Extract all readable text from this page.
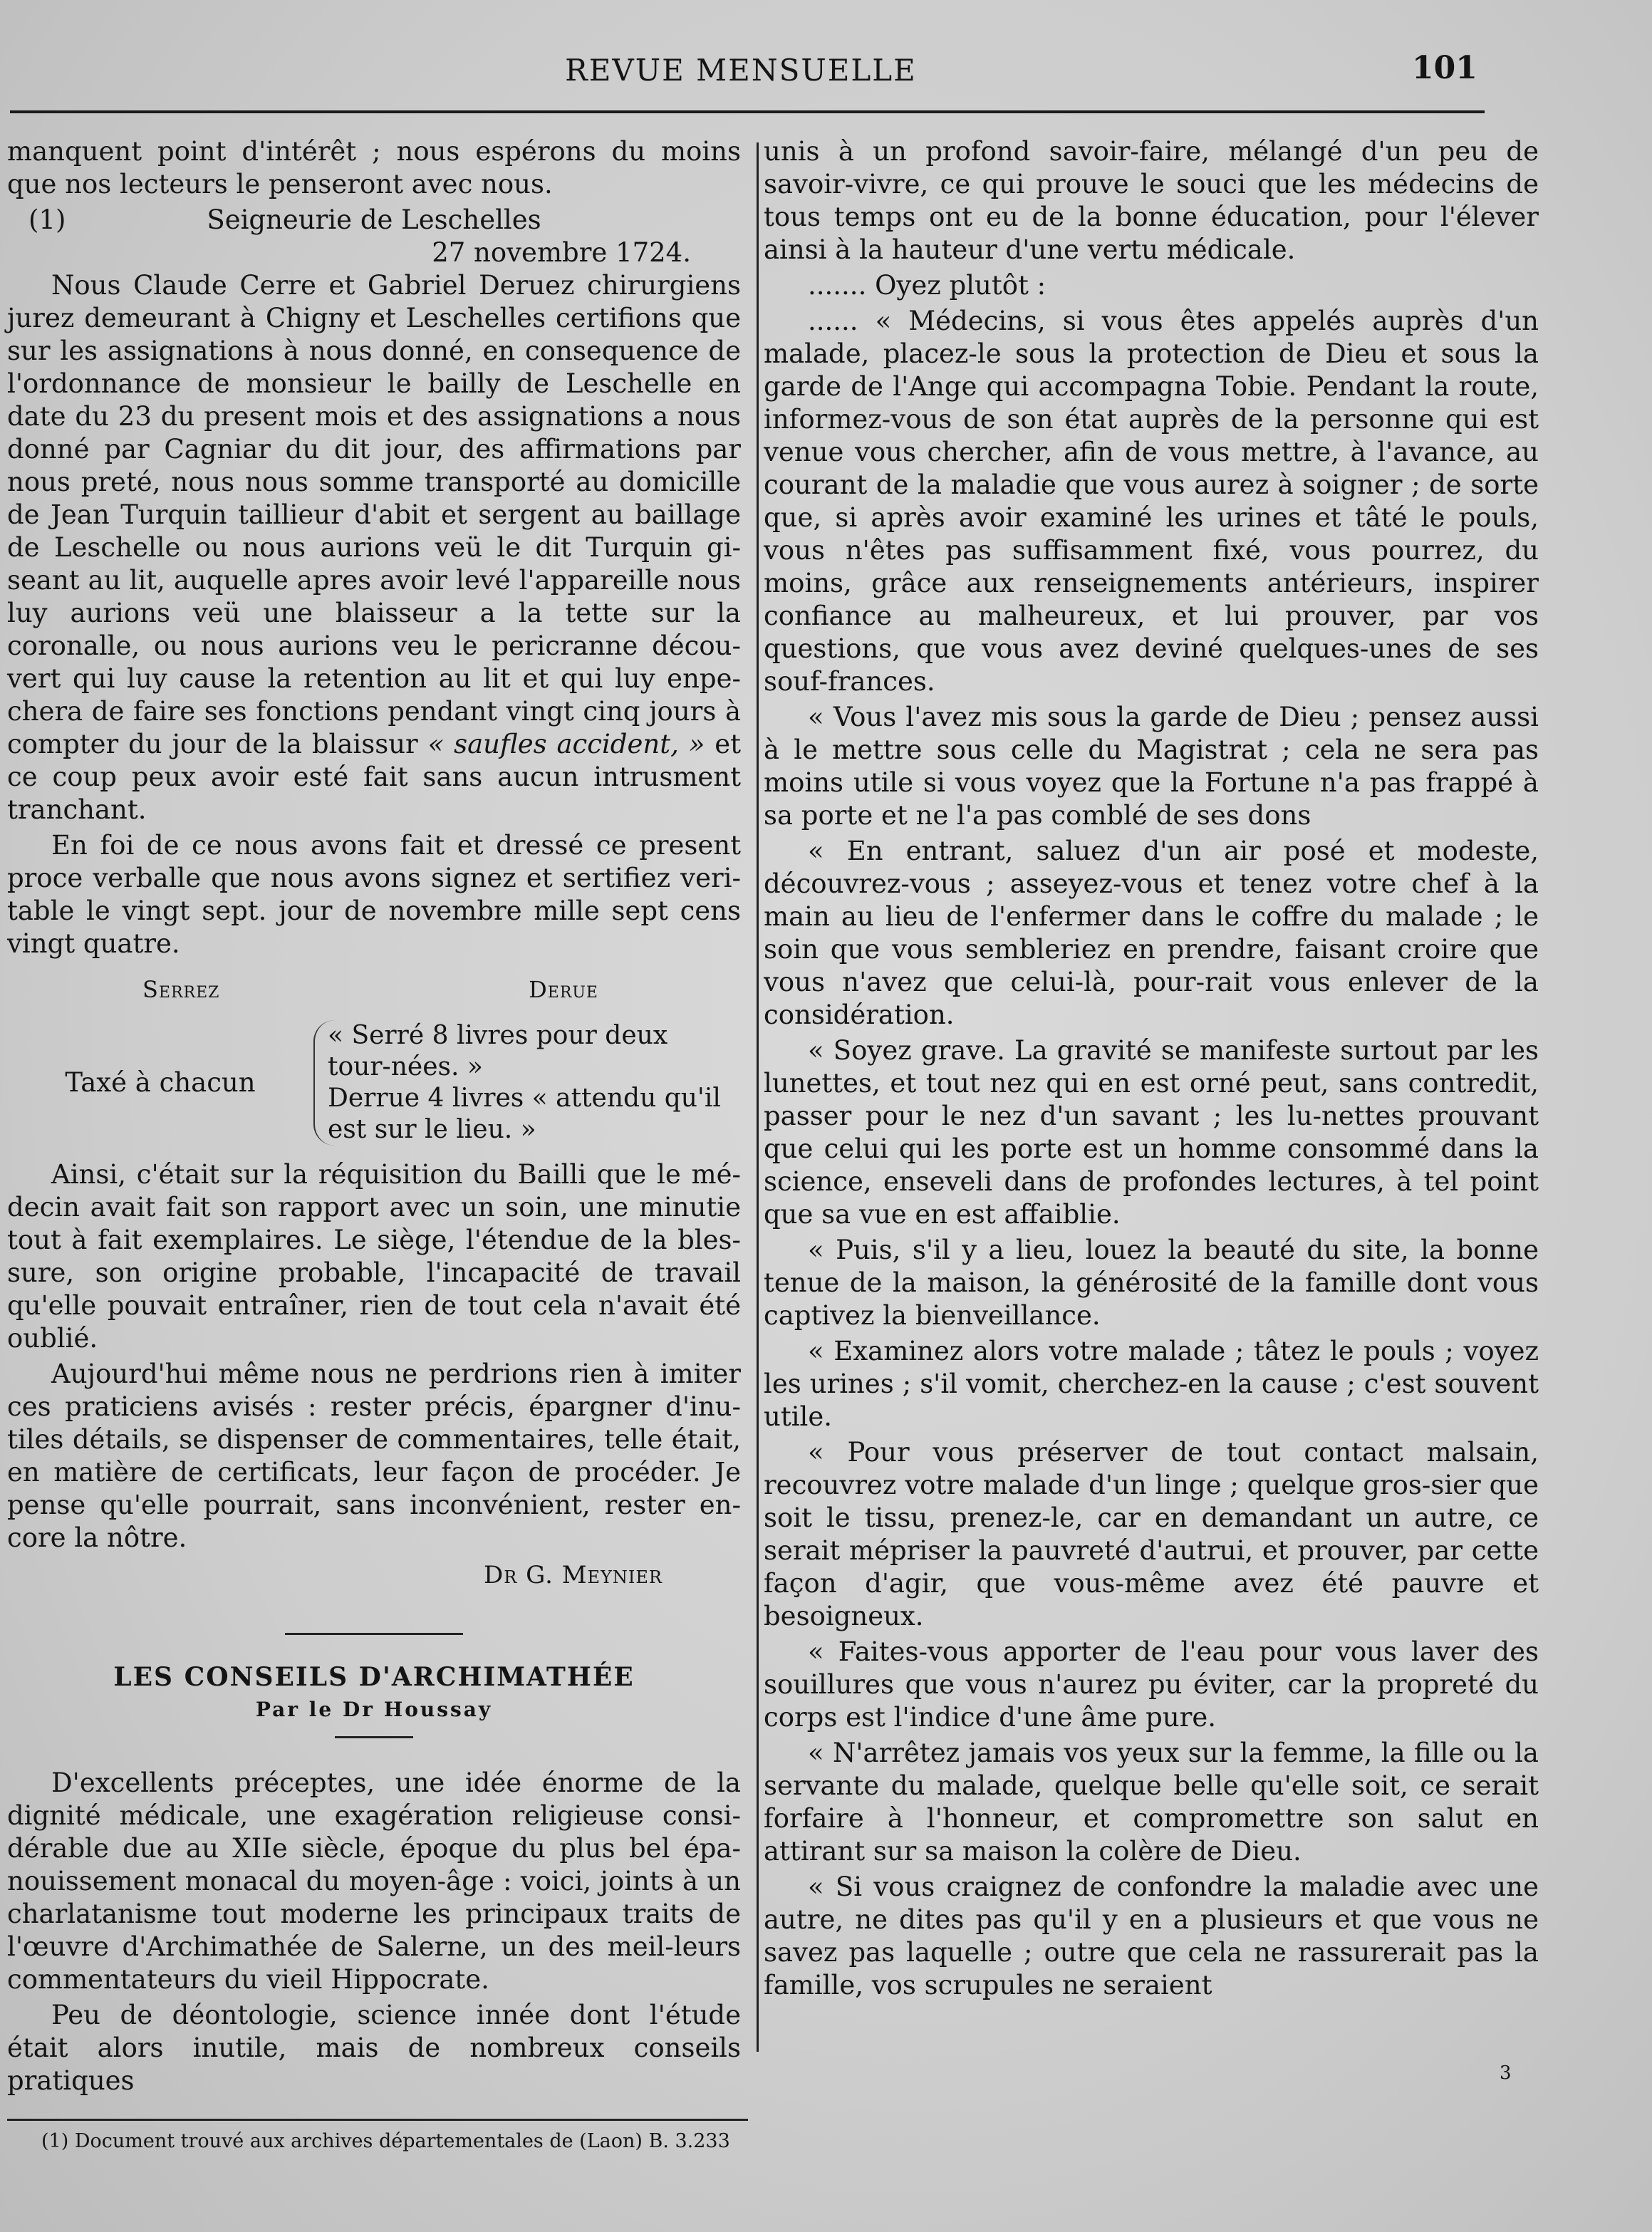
REVUE MENSUELLE	101

manquent point d'intérêt ; nous espérons du moins que nos lecteurs le penseront avec nous.

(1)	Seigneurie de Leschelles
27 novembre 1724.

Nous Claude Cerre et Gabriel Deruez chirurgiens jurez demeurant à Chigny et Leschelles certifions que sur les assignations à nous donné, en consequence de l'ordonnance de monsieur le bailly de Leschelle en date du 23 du present mois et des assignations a nous donné par Cagniar du dit jour, des affirmations par nous preté, nous nous somme transporté au domicille de Jean Turquin taillieur d'abit et sergent au baillage de Leschelle ou nous aurions veü le dit Turquin gi-seant au lit, auquelle apres avoir levé l'appareille nous luy aurions veü une blaisseur a la tette sur la coronalle, ou nous aurions veu le pericranne décou-vert qui luy cause la retention au lit et qui luy enpe-chera de faire ses fonctions pendant vingt cinq jours à compter du jour de la blaissur « saufles accident, » et ce coup peux avoir esté fait sans aucun intrusment tranchant.

En foi de ce nous avons fait et dressé ce present proce verballe que nous avons signez et sertifiez veri-table le vingt sept. jour de novembre mille sept cens vingt quatre.

Serrez	Derue
Taxé à chacun
« Serré 8 livres pour deux tour-nées. »
Derrue 4 livres « attendu qu'il est sur le lieu. »

Ainsi, c'était sur la réquisition du Bailli que le mé-decin avait fait son rapport avec un soin, une minutie tout à fait exemplaires. Le siège, l'étendue de la bles-sure, son origine probable, l'incapacité de travail qu'elle pouvait entraîner, rien de tout cela n'avait été oublié.

Aujourd'hui même nous ne perdrions rien à imiter ces praticiens avisés : rester précis, épargner d'inu-tiles détails, se dispenser de commentaires, telle était, en matière de certificats, leur façon de procéder. Je pense qu'elle pourrait, sans inconvénient, rester en-core la nôtre.

Dr G. Meynier
LES CONSEILS D'ARCHIMATHÉE
Par le Dr Houssay

D'excellents préceptes, une idée énorme de la dignité médicale, une exagération religieuse consi-dérable due au XIIe siècle, époque du plus bel épa-nouissement monacal du moyen-âge : voici, joints à un charlatanisme tout moderne les principaux traits de l'œuvre d'Archimathée de Salerne, un des meil-leurs commentateurs du vieil Hippocrate.

Peu de déontologie, science innée dont l'étude était alors inutile, mais de nombreux conseils pratiques

(1) Document trouvé aux archives départementales de (Laon) B. 3.233

unis à un profond savoir-faire, mélangé d'un peu de savoir-vivre, ce qui prouve le souci que les médecins de tous temps ont eu de la bonne éducation, pour l'élever ainsi à la hauteur d'une vertu médicale.

....... Oyez plutôt :

...... « Médecins, si vous êtes appelés auprès d'un malade, placez-le sous la protection de Dieu et sous la garde de l'Ange qui accompagna Tobie. Pendant la route, informez-vous de son état auprès de la personne qui est venue vous chercher, afin de vous mettre, à l'avance, au courant de la maladie que vous aurez à soigner ; de sorte que, si après avoir examiné les urines et tâté le pouls, vous n'êtes pas suffisamment fixé, vous pourrez, du moins, grâce aux renseignements antérieurs, inspirer confiance au malheureux, et lui prouver, par vos questions, que vous avez deviné quelques-unes de ses souf-frances.

« Vous l'avez mis sous la garde de Dieu ; pensez aussi à le mettre sous celle du Magistrat ; cela ne sera pas moins utile si vous voyez que la Fortune n'a pas frappé à sa porte et ne l'a pas comblé de ses dons

« En entrant, saluez d'un air posé et modeste, découvrez-vous ; asseyez-vous et tenez votre chef à la main au lieu de l'enfermer dans le coffre du malade ; le soin que vous sembleriez en prendre, faisant croire que vous n'avez que celui-là, pour-rait vous enlever de la considération.

« Soyez grave. La gravité se manifeste surtout par les lunettes, et tout nez qui en est orné peut, sans contredit, passer pour le nez d'un savant ; les lu-nettes prouvant que celui qui les porte est un homme consommé dans la science, enseveli dans de profondes lectures, à tel point que sa vue en est affaiblie.

« Puis, s'il y a lieu, louez la beauté du site, la bonne tenue de la maison, la générosité de la famille dont vous captivez la bienveillance.

« Examinez alors votre malade ; tâtez le pouls ; voyez les urines ; s'il vomit, cherchez-en la cause ; c'est souvent utile.

« Pour vous préserver de tout contact malsain, recouvrez votre malade d'un linge ; quelque gros-sier que soit le tissu, prenez-le, car en demandant un autre, ce serait mépriser la pauvreté d'autrui, et prouver, par cette façon d'agir, que vous-même avez été pauvre et besoigneux.

« Faites-vous apporter de l'eau pour vous laver des souillures que vous n'aurez pu éviter, car la propreté du corps est l'indice d'une âme pure.

« N'arrêtez jamais vos yeux sur la femme, la fille ou la servante du malade, quelque belle qu'elle soit, ce serait forfaire à l'honneur, et compromettre son salut en attirant sur sa maison la colère de Dieu.

« Si vous craignez de confondre la maladie avec une autre, ne dites pas qu'il y en a plusieurs et que vous ne savez pas laquelle ; outre que cela ne rassurerait pas la famille, vos scrupules ne seraient

3
